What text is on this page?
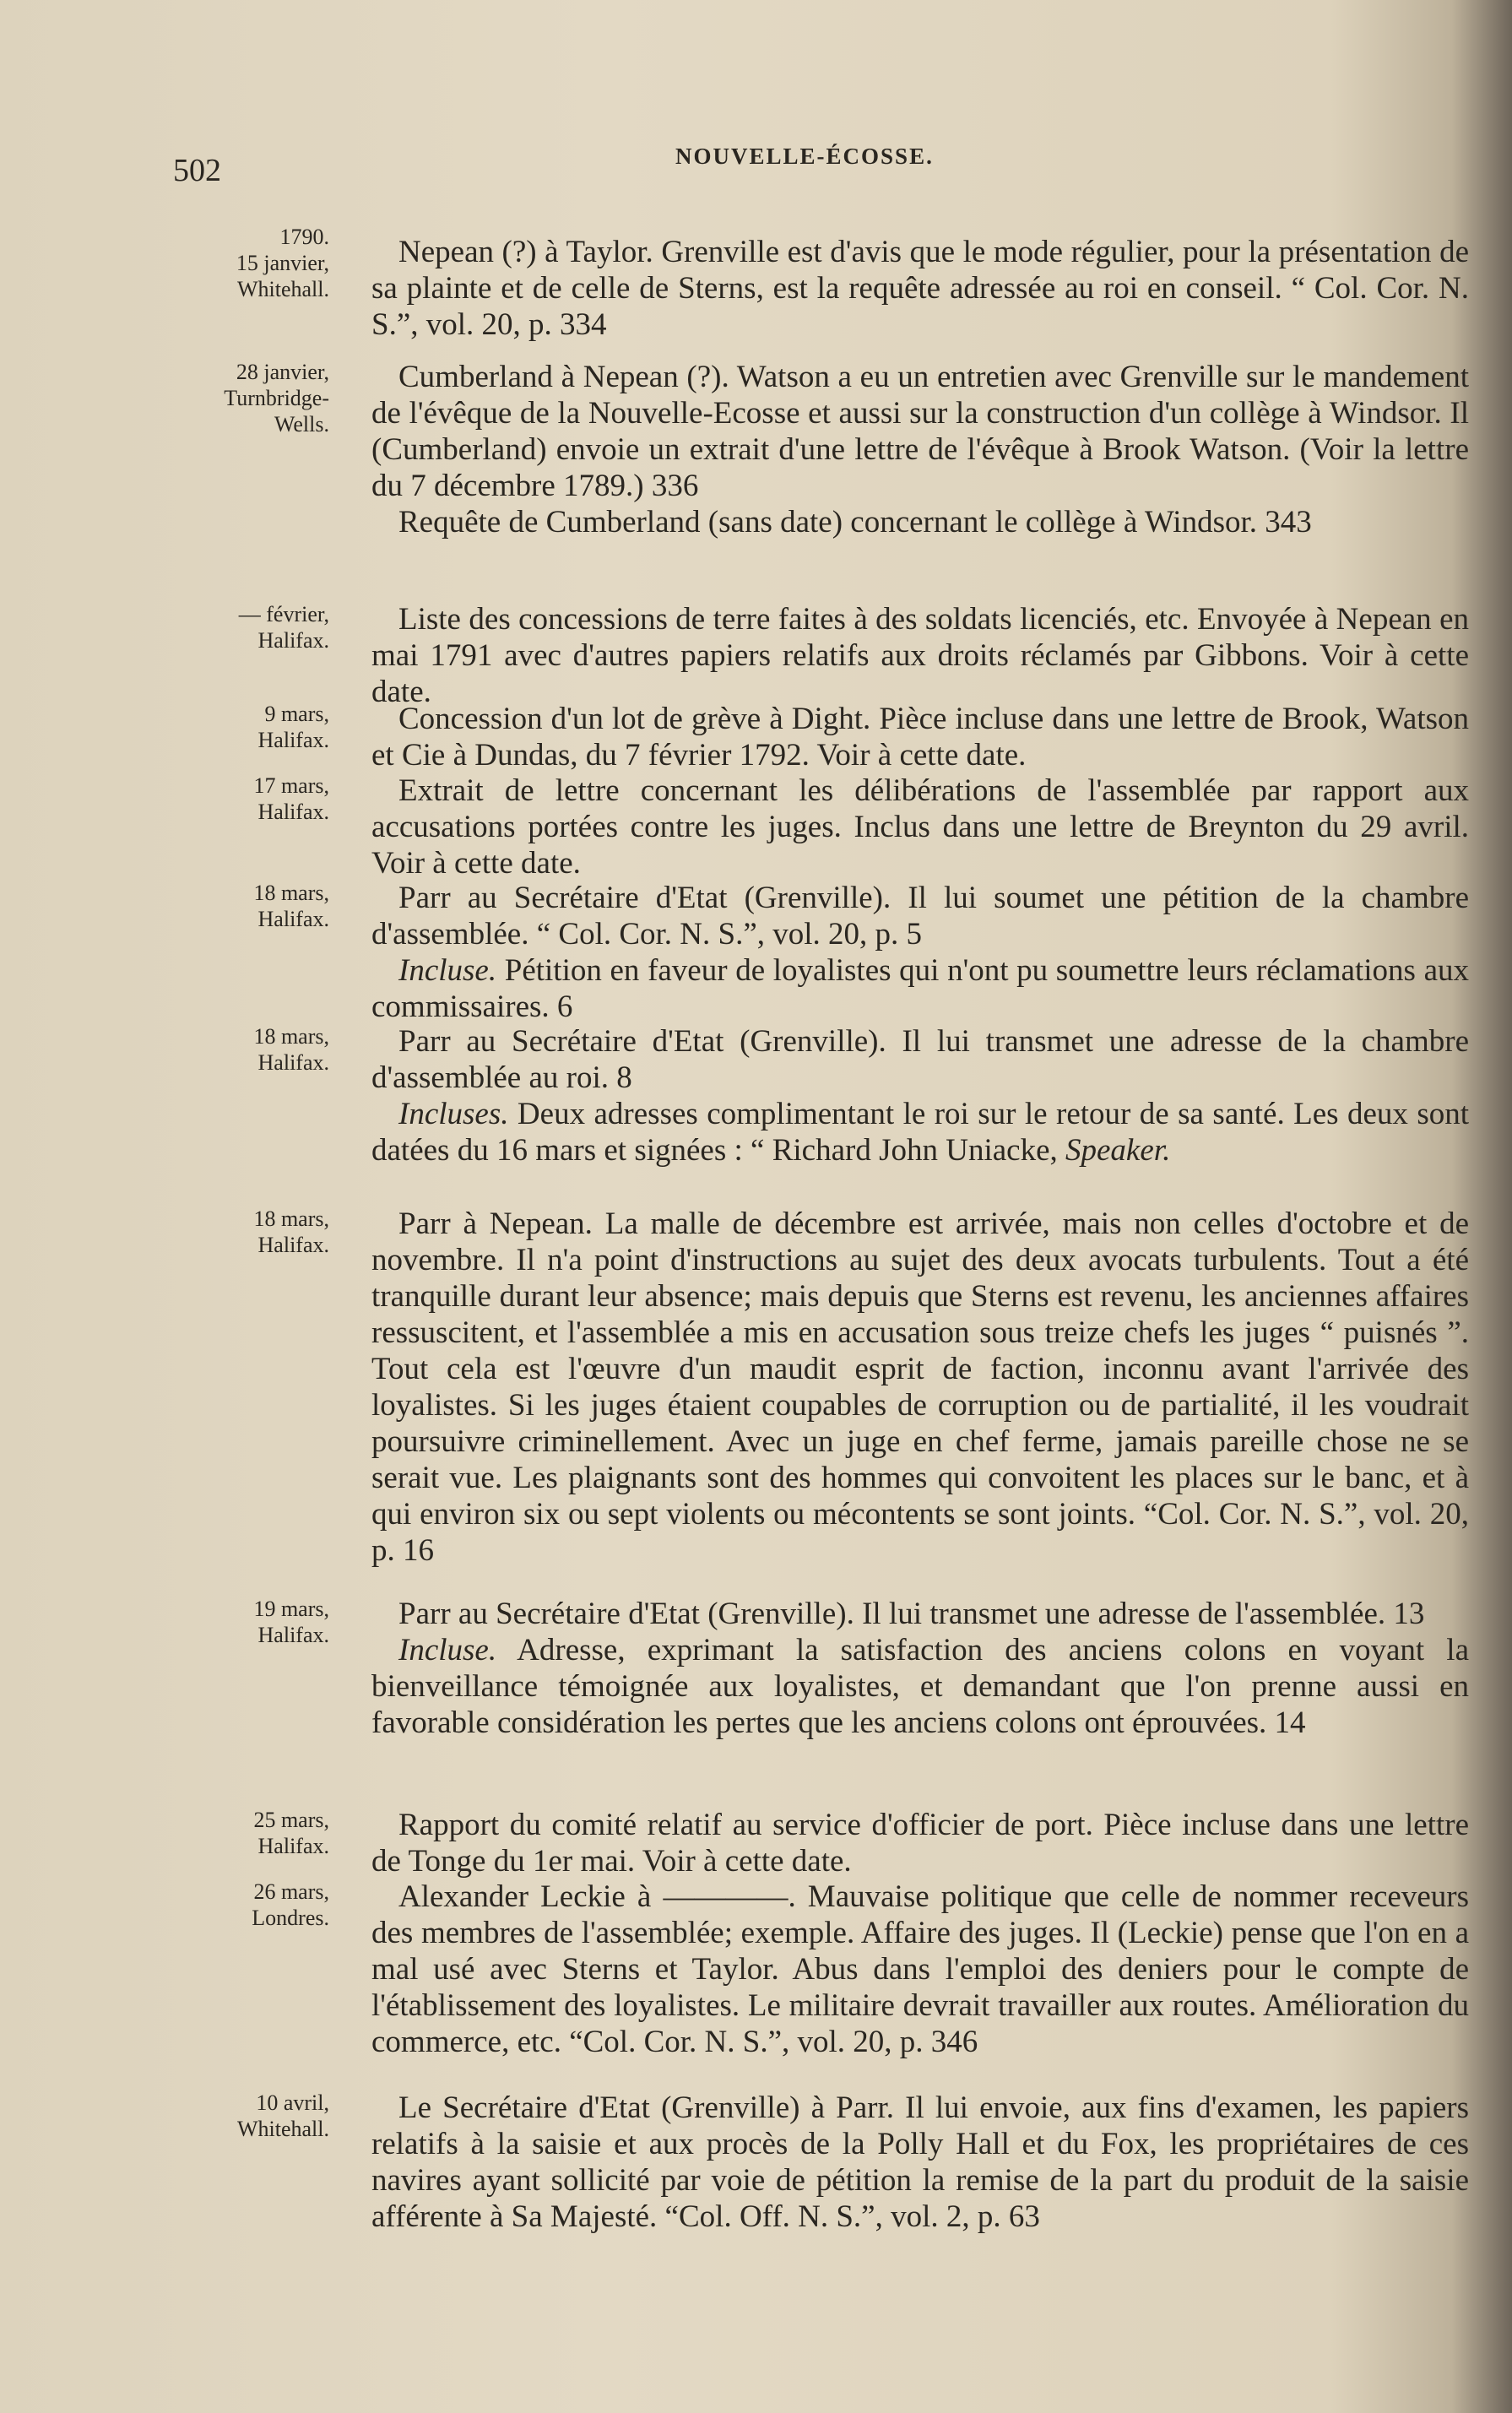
502	NOUVELLE-ÉCOSSE.
1790.
15 janvier,
Whitehall.

Nepean (?) à Taylor. Grenville est d'avis que le mode régulier, pour la présentation de sa plainte et de celle de Sterns, est la requête adressée au roi en conseil. “ Col. Cor. N. S.”, vol. 20, p. 334

28 janvier,
Turnbridge-
Wells.

Cumberland à Nepean (?). Watson a eu un entretien avec Grenville sur le mandement de l'évêque de la Nouvelle-Ecosse et aussi sur la construction d'un collège à Windsor. Il (Cumberland) envoie un extrait d'une lettre de l'évêque à Brook Watson. (Voir la lettre du 7 décembre 1789.) 336

Requête de Cumberland (sans date) concernant le collège à Windsor. 343

— février,
Halifax.

Liste des concessions de terre faites à des soldats licenciés, etc. Envoyée à Nepean en mai 1791 avec d'autres papiers relatifs aux droits réclamés par Gibbons. Voir à cette date.

9 mars,
Halifax.

Concession d'un lot de grève à Dight. Pièce incluse dans une lettre de Brook, Watson et Cie à Dundas, du 7 février 1792. Voir à cette date.

17 mars,
Halifax.

Extrait de lettre concernant les délibérations de l'assemblée par rapport aux accusations portées contre les juges. Inclus dans une lettre de Breynton du 29 avril. Voir à cette date.

18 mars,
Halifax.

Parr au Secrétaire d'Etat (Grenville). Il lui soumet une pétition de la chambre d'assemblée. “ Col. Cor. N. S.”, vol. 20, p. 5

Incluse. Pétition en faveur de loyalistes qui n'ont pu soumettre leurs réclamations aux commissaires. 6

18 mars,
Halifax.

Parr au Secrétaire d'Etat (Grenville). Il lui transmet une adresse de la chambre d'assemblée au roi. 8

Incluses. Deux adresses complimentant le roi sur le retour de sa santé. Les deux sont datées du 16 mars et signées : “ Richard John Uniacke, Speaker.

18 mars,
Halifax.

Parr à Nepean. La malle de décembre est arrivée, mais non celles d'octobre et de novembre. Il n'a point d'instructions au sujet des deux avocats turbulents. Tout a été tranquille durant leur absence; mais depuis que Sterns est revenu, les anciennes affaires ressuscitent, et l'assemblée a mis en accusation sous treize chefs les juges “ puisnés ”. Tout cela est l'œuvre d'un maudit esprit de faction, inconnu avant l'arrivée des loyalistes. Si les juges étaient coupables de corruption ou de partialité, il les voudrait poursuivre criminellement. Avec un juge en chef ferme, jamais pareille chose ne se serait vue. Les plaignants sont des hommes qui convoitent les places sur le banc, et à qui environ six ou sept violents ou mécontents se sont joints. “Col. Cor. N. S.”, vol. 20, p. 16

19 mars,
Halifax.

Parr au Secrétaire d'Etat (Grenville). Il lui transmet une adresse de l'assemblée. 13

Incluse. Adresse, exprimant la satisfaction des anciens colons en voyant la bienveillance témoignée aux loyalistes, et demandant que l'on prenne aussi en favorable considération les pertes que les anciens colons ont éprouvées. 14

25 mars,
Halifax.

Rapport du comité relatif au service d'officier de port. Pièce incluse dans une lettre de Tonge du 1er mai. Voir à cette date.

26 mars,
Londres.

Alexander Leckie à ————. Mauvaise politique que celle de nommer receveurs des membres de l'assemblée; exemple. Affaire des juges. Il (Leckie) pense que l'on en a mal usé avec Sterns et Taylor. Abus dans l'emploi des deniers pour le compte de l'établissement des loyalistes. Le militaire devrait travailler aux routes. Amélioration du commerce, etc. “Col. Cor. N. S.”, vol. 20, p. 346

10 avril,
Whitehall.

Le Secrétaire d'Etat (Grenville) à Parr. Il lui envoie, aux fins d'examen, les papiers relatifs à la saisie et aux procès de la Polly Hall et du Fox, les propriétaires de ces navires ayant sollicité par voie de pétition la remise de la part du produit de la saisie afférente à Sa Majesté. “Col. Off. N. S.”, vol. 2, p. 63
